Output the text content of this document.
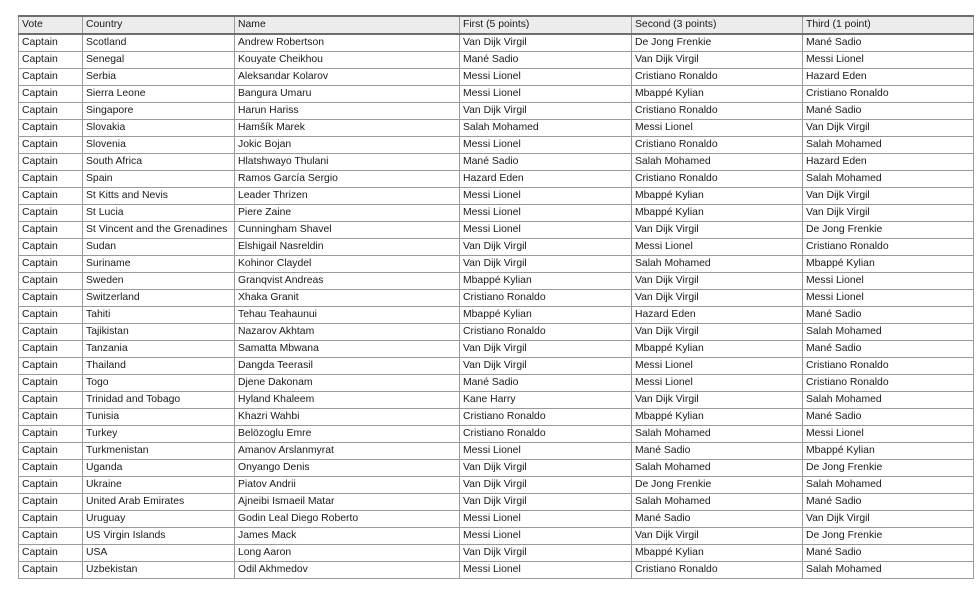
Vote	Country	Name	First (5 points)	Second (3 points)	Third (1 point)
Captain	Scotland	Andrew Robertson	Van Dijk Virgil	De Jong Frenkie	Mané Sadio
Captain	Senegal	Kouyate Cheikhou	Mané Sadio	Van Dijk Virgil	Messi Lionel
Captain	Serbia	Aleksandar Kolarov	Messi Lionel	Cristiano Ronaldo	Hazard Eden
Captain	Sierra Leone	Bangura Umaru	Messi Lionel	Mbappé Kylian	Cristiano Ronaldo
Captain	Singapore	Harun Hariss	Van Dijk Virgil	Cristiano Ronaldo	Mané Sadio
Captain	Slovakia	Hamšík Marek	Salah Mohamed	Messi Lionel	Van Dijk Virgil
Captain	Slovenia	Jokic Bojan	Messi Lionel	Cristiano Ronaldo	Salah Mohamed
Captain	South Africa	Hlatshwayo Thulani	Mané Sadio	Salah Mohamed	Hazard Eden
Captain	Spain	Ramos García Sergio	Hazard Eden	Cristiano Ronaldo	Salah Mohamed
Captain	St Kitts and Nevis	Leader Thrizen	Messi Lionel	Mbappé Kylian	Van Dijk Virgil
Captain	St Lucia	Piere Zaine	Messi Lionel	Mbappé Kylian	Van Dijk Virgil
Captain	St Vincent and the Grenadines	Cunningham Shavel	Messi Lionel	Van Dijk Virgil	De Jong Frenkie
Captain	Sudan	Elshigail Nasreldin	Van Dijk Virgil	Messi Lionel	Cristiano Ronaldo
Captain	Suriname	Kohinor Claydel	Van Dijk Virgil	Salah Mohamed	Mbappé Kylian
Captain	Sweden	Granqvist Andreas	Mbappé Kylian	Van Dijk Virgil	Messi Lionel
Captain	Switzerland	Xhaka Granit	Cristiano Ronaldo	Van Dijk Virgil	Messi Lionel
Captain	Tahiti	Tehau Teahaunui	Mbappé Kylian	Hazard Eden	Mané Sadio
Captain	Tajikistan	Nazarov Akhtam	Cristiano Ronaldo	Van Dijk Virgil	Salah Mohamed
Captain	Tanzania	Samatta Mbwana	Van Dijk Virgil	Mbappé Kylian	Mané Sadio
Captain	Thailand	Dangda Teerasil	Van Dijk Virgil	Messi Lionel	Cristiano Ronaldo
Captain	Togo	Djene Dakonam	Mané Sadio	Messi Lionel	Cristiano Ronaldo
Captain	Trinidad and Tobago	Hyland Khaleem	Kane Harry	Van Dijk Virgil	Salah Mohamed
Captain	Tunisia	Khazri Wahbi	Cristiano Ronaldo	Mbappé Kylian	Mané Sadio
Captain	Turkey	Belözoglu Emre	Cristiano Ronaldo	Salah Mohamed	Messi Lionel
Captain	Turkmenistan	Amanov Arslanmyrat	Messi Lionel	Mané Sadio	Mbappé Kylian
Captain	Uganda	Onyango Denis	Van Dijk Virgil	Salah Mohamed	De Jong Frenkie
Captain	Ukraine	Piatov Andrii	Van Dijk Virgil	De Jong Frenkie	Salah Mohamed
Captain	United Arab Emirates	Ajneibi Ismaeil Matar	Van Dijk Virgil	Salah Mohamed	Mané Sadio
Captain	Uruguay	Godin Leal Diego Roberto	Messi Lionel	Mané Sadio	Van Dijk Virgil
Captain	US Virgin Islands	James Mack	Messi Lionel	Van Dijk Virgil	De Jong Frenkie
Captain	USA	Long Aaron	Van Dijk Virgil	Mbappé Kylian	Mané Sadio
Captain	Uzbekistan	Odil Akhmedov	Messi Lionel	Cristiano Ronaldo	Salah Mohamed
